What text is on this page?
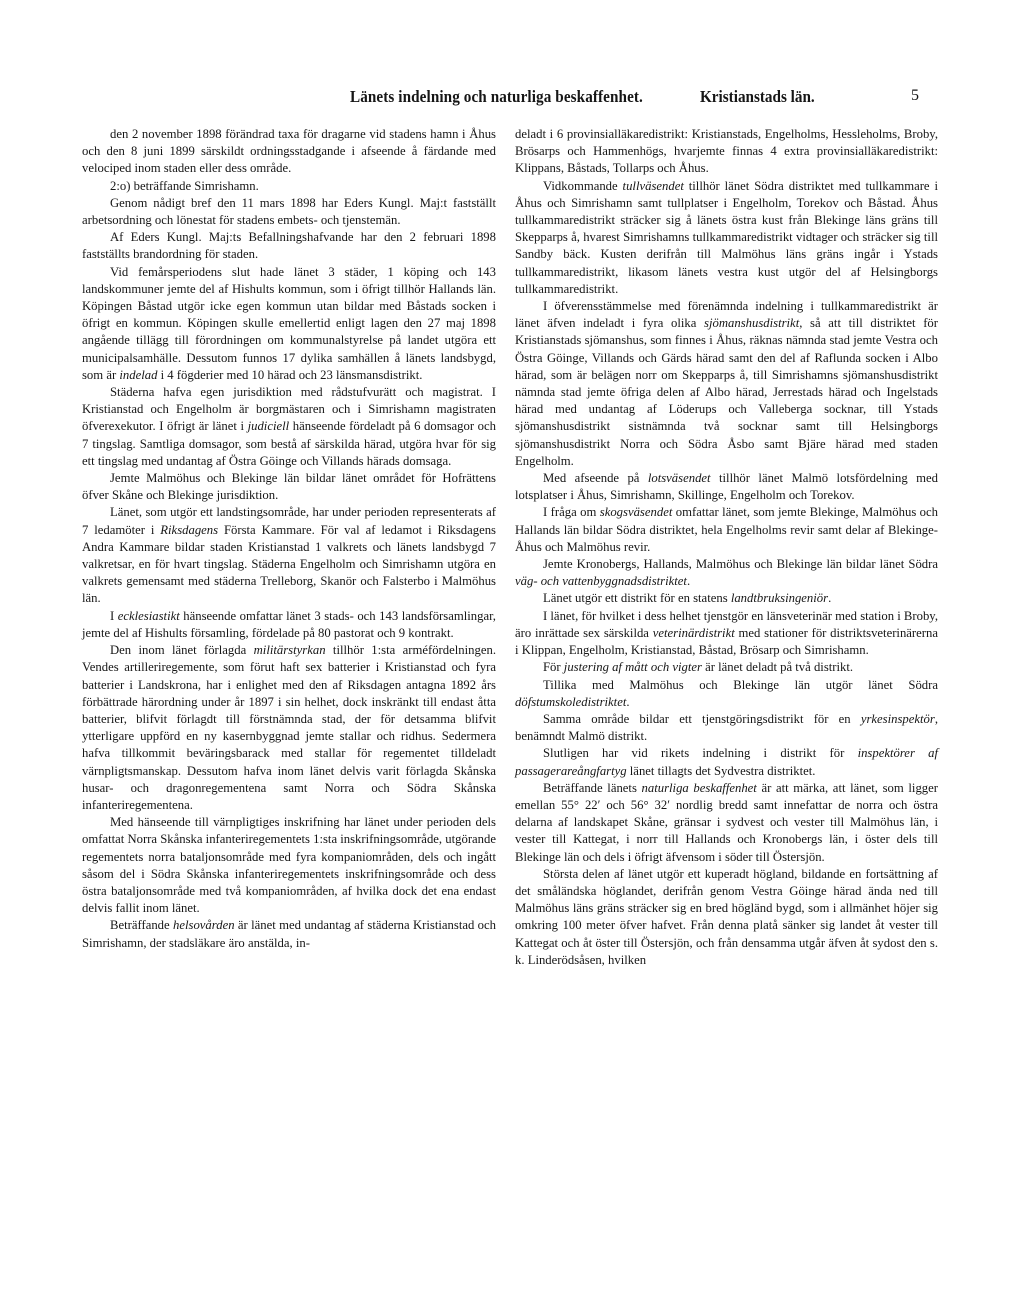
Länets indelning och naturliga beskaffenhet.	Kristianstads län.	5

den 2 november 1898 förändrad taxa för dragarne vid stadens hamn i Åhus och den 8 juni 1899 särskildt ordningsstadgande i afseende å färdande med velociped inom staden eller dess område.

2:o) beträffande Simrishamn.

Genom nådigt bref den 11 mars 1898 har Eders Kungl. Maj:t fastställt arbetsordning och lönestat för stadens embets- och tjenstemän.

Af Eders Kungl. Maj:ts Befallningshafvande har den 2 februari 1898 fastställts brandordning för staden.

Vid femårsperiodens slut hade länet 3 städer, 1 köping och 143 landskommuner jemte del af Hishults kommun, som i öfrigt tillhör Hallands län. Köpingen Båstad utgör icke egen kommun utan bildar med Båstads socken i öfrigt en kommun. Köpingen skulle emellertid enligt lagen den 27 maj 1898 angående tillägg till förordningen om kommunalstyrelse på landet utgöra ett municipalsamhälle. Dessutom funnos 17 dylika samhällen å länets landsbygd, som är indelad i 4 fögderier med 10 härad och 23 länsmansdistrikt.

Städerna hafva egen jurisdiktion med rådstufvurätt och magistrat. I Kristianstad och Engelholm är borgmästaren och i Simrishamn magistraten öfverexekutor. I öfrigt är länet i judiciell hänseende fördeladt på 6 domsagor och 7 tingslag. Samtliga domsagor, som bestå af särskilda härad, utgöra hvar för sig ett tingslag med undantag af Östra Göinge och Villands härads domsaga.

Jemte Malmöhus och Blekinge län bildar länet området för Hofrättens öfver Skåne och Blekinge jurisdiktion.

Länet, som utgör ett landstingsområde, har under perioden representerats af 7 ledamöter i Riksdagens Första Kammare. För val af ledamot i Riksdagens Andra Kammare bildar staden Kristianstad 1 valkrets och länets landsbygd 7 valkretsar, en för hvart tingslag. Städerna Engelholm och Simrishamn utgöra en valkrets gemensamt med städerna Trelleborg, Skanör och Falsterbo i Malmöhus län.

I ecklesiastikt hänseende omfattar länet 3 stads- och 143 landsförsamlingar, jemte del af Hishults församling, fördelade på 80 pastorat och 9 kontrakt.

Den inom länet förlagda militärstyrkan tillhör 1:sta arméfördelningen. Vendes artilleriregemente, som förut haft sex batterier i Kristianstad och fyra batterier i Landskrona, har i enlighet med den af Riksdagen antagna 1892 års förbättrade härordning under år 1897 i sin helhet, dock inskränkt till endast åtta batterier, blifvit förlagdt till förstnämnda stad, der för detsamma blifvit ytterligare uppförd en ny kasernbyggnad jemte stallar och ridhus. Sedermera hafva tillkommit beväringsbarack med stallar för regementet tilldeladt värnpligtsmanskap. Dessutom hafva inom länet delvis varit förlagda Skånska husar- och dragonregementena samt Norra och Södra Skånska infanteriregementena.

Med hänseende till värnpligtiges inskrifning har länet under perioden dels omfattat Norra Skånska infanteriregementets 1:sta inskrifningsområde, utgörande regementets norra bataljonsområde med fyra kompaniområden, dels och ingått såsom del i Södra Skånska infanteriregementets inskrifningsområde och dess östra bataljonsområde med två kompaniområden, af hvilka dock det ena endast delvis fallit inom länet.

Beträffande helsovården är länet med undantag af städerna Kristianstad och Simrishamn, der stadsläkare äro anstälda, in-

deladt i 6 provinsialläkaredistrikt: Kristianstads, Engelholms, Hessleholms, Broby, Brösarps och Hammenhögs, hvarjemte finnas 4 extra provinsialläkaredistrikt: Klippans, Båstads, Tollarps och Åhus.

Vidkommande tullväsendet tillhör länet Södra distriktet med tullkammare i Åhus och Simrishamn samt tullplatser i Engelholm, Torekov och Båstad. Åhus tullkammaredistrikt sträcker sig å länets östra kust från Blekinge läns gräns till Skepparps å, hvarest Simrishamns tullkammaredistrikt vidtager och sträcker sig till Sandby bäck. Kusten derifrån till Malmöhus läns gräns ingår i Ystads tullkammaredistrikt, likasom länets vestra kust utgör del af Helsingborgs tullkammaredistrikt.

I öfverensstämmelse med förenämnda indelning i tullkammaredistrikt är länet äfven indeladt i fyra olika sjömanshusdistrikt, så att till distriktet för Kristianstads sjömanshus, som finnes i Åhus, räknas nämnda stad jemte Vestra och Östra Göinge, Villands och Gärds härad samt den del af Raflunda socken i Albo härad, som är belägen norr om Skepparps å, till Simrishamns sjömanshusdistrikt nämnda stad jemte öfriga delen af Albo härad, Jerrestads härad och Ingelstads härad med undantag af Löderups och Valleberga socknar, till Ystads sjömanshusdistrikt sistnämnda två socknar samt till Helsingborgs sjömanshusdistrikt Norra och Södra Åsbo samt Bjäre härad med staden Engelholm.

Med afseende på lotsväsendet tillhör länet Malmö lotsfördelning med lotsplatser i Åhus, Simrishamn, Skillinge, Engelholm och Torekov.

I fråga om skogsväsendet omfattar länet, som jemte Blekinge, Malmöhus och Hallands län bildar Södra distriktet, hela Engelholms revir samt delar af Blekinge-Åhus och Malmöhus revir.

Jemte Kronobergs, Hallands, Malmöhus och Blekinge län bildar länet Södra väg- och vattenbyggnadsdistriktet.

Länet utgör ett distrikt för en statens landtbruksingeniör.

I länet, för hvilket i dess helhet tjenstgör en länsveterinär med station i Broby, äro inrättade sex särskilda veterinärdistrikt med stationer för distriktsveterinärerna i Klippan, Engelholm, Kristianstad, Båstad, Brösarp och Simrishamn.

För justering af mått och vigter är länet deladt på två distrikt.

Tillika med Malmöhus och Blekinge län utgör länet Södra döfstumskoledistriktet.

Samma område bildar ett tjenstgöringsdistrikt för en yrkesinspektör, benämndt Malmö distrikt.

Slutligen har vid rikets indelning i distrikt för inspektörer af passagerareångfartyg länet tillagts det Sydvestra distriktet.

Beträffande länets naturliga beskaffenhet är att märka, att länet, som ligger emellan 55° 22′ och 56° 32′ nordlig bredd samt innefattar de norra och östra delarna af landskapet Skåne, gränsar i sydvest och vester till Malmöhus län, i vester till Kattegat, i norr till Hallands och Kronobergs län, i öster dels till Blekinge län och dels i öfrigt äfvensom i söder till Östersjön.

Största delen af länet utgör ett kuperadt högland, bildande en fortsättning af det småländska höglandet, derifrån genom Vestra Göinge härad ända ned till Malmöhus läns gräns sträcker sig en bred högländ bygd, som i allmänhet höjer sig omkring 100 meter öfver hafvet. Från denna platå sänker sig landet åt vester till Kattegat och åt öster till Östersjön, och från densamma utgår äfven åt sydost den s. k. Linderödsåsen, hvilken
